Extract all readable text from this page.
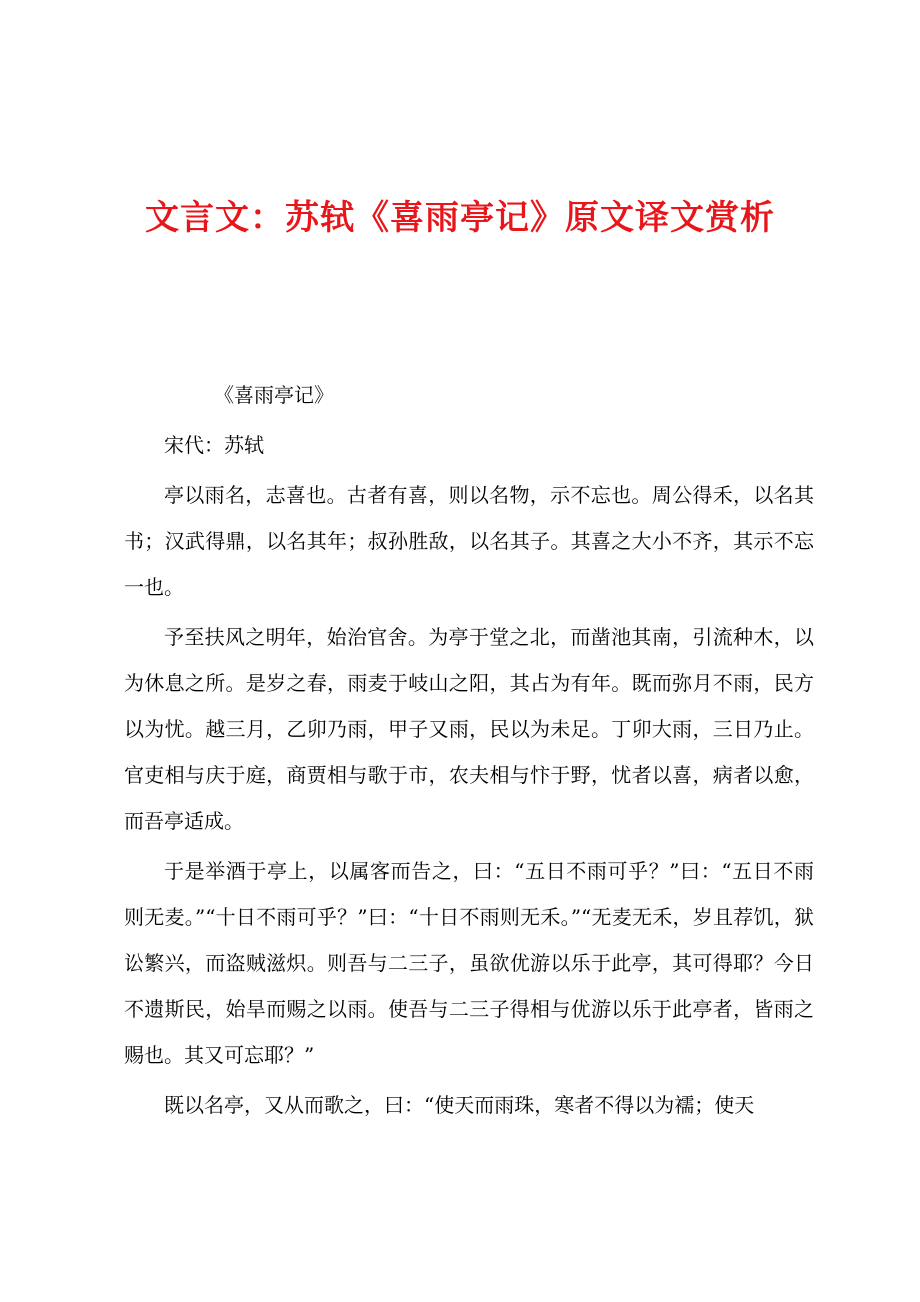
文言文：苏轼《喜雨亭记》原文译文赏析

《喜雨亭记》

宋代：苏轼

亭以雨名，志喜也。古者有喜，则以名物，示不忘也。周公得禾，以名其书；汉武得鼎，以名其年；叔孙胜敌，以名其子。其喜之大小不齐，其示不忘一也。

予至扶风之明年，始治官舍。为亭于堂之北，而凿池其南，引流种木，以为休息之所。是岁之春，雨麦于岐山之阳，其占为有年。既而弥月不雨，民方以为忧。越三月，乙卯乃雨，甲子又雨，民以为未足。丁卯大雨，三日乃止。官吏相与庆于庭，商贾相与歌于市，农夫相与忭于野，忧者以喜，病者以愈，而吾亭适成。

于是举酒于亭上，以属客而告之，曰：“五日不雨可乎？”曰：“五日不雨则无麦。”“十日不雨可乎？”曰：“十日不雨则无禾。”“无麦无禾，岁且荐饥，狱讼繁兴，而盗贼滋炽。则吾与二三子，虽欲优游以乐于此亭，其可得耶？今日不遗斯民，始旱而赐之以雨。使吾与二三子得相与优游以乐于此亭者，皆雨之赐也。其又可忘耶？”

既以名亭，又从而歌之，曰：“使天而雨珠，寒者不得以为襦；使天
